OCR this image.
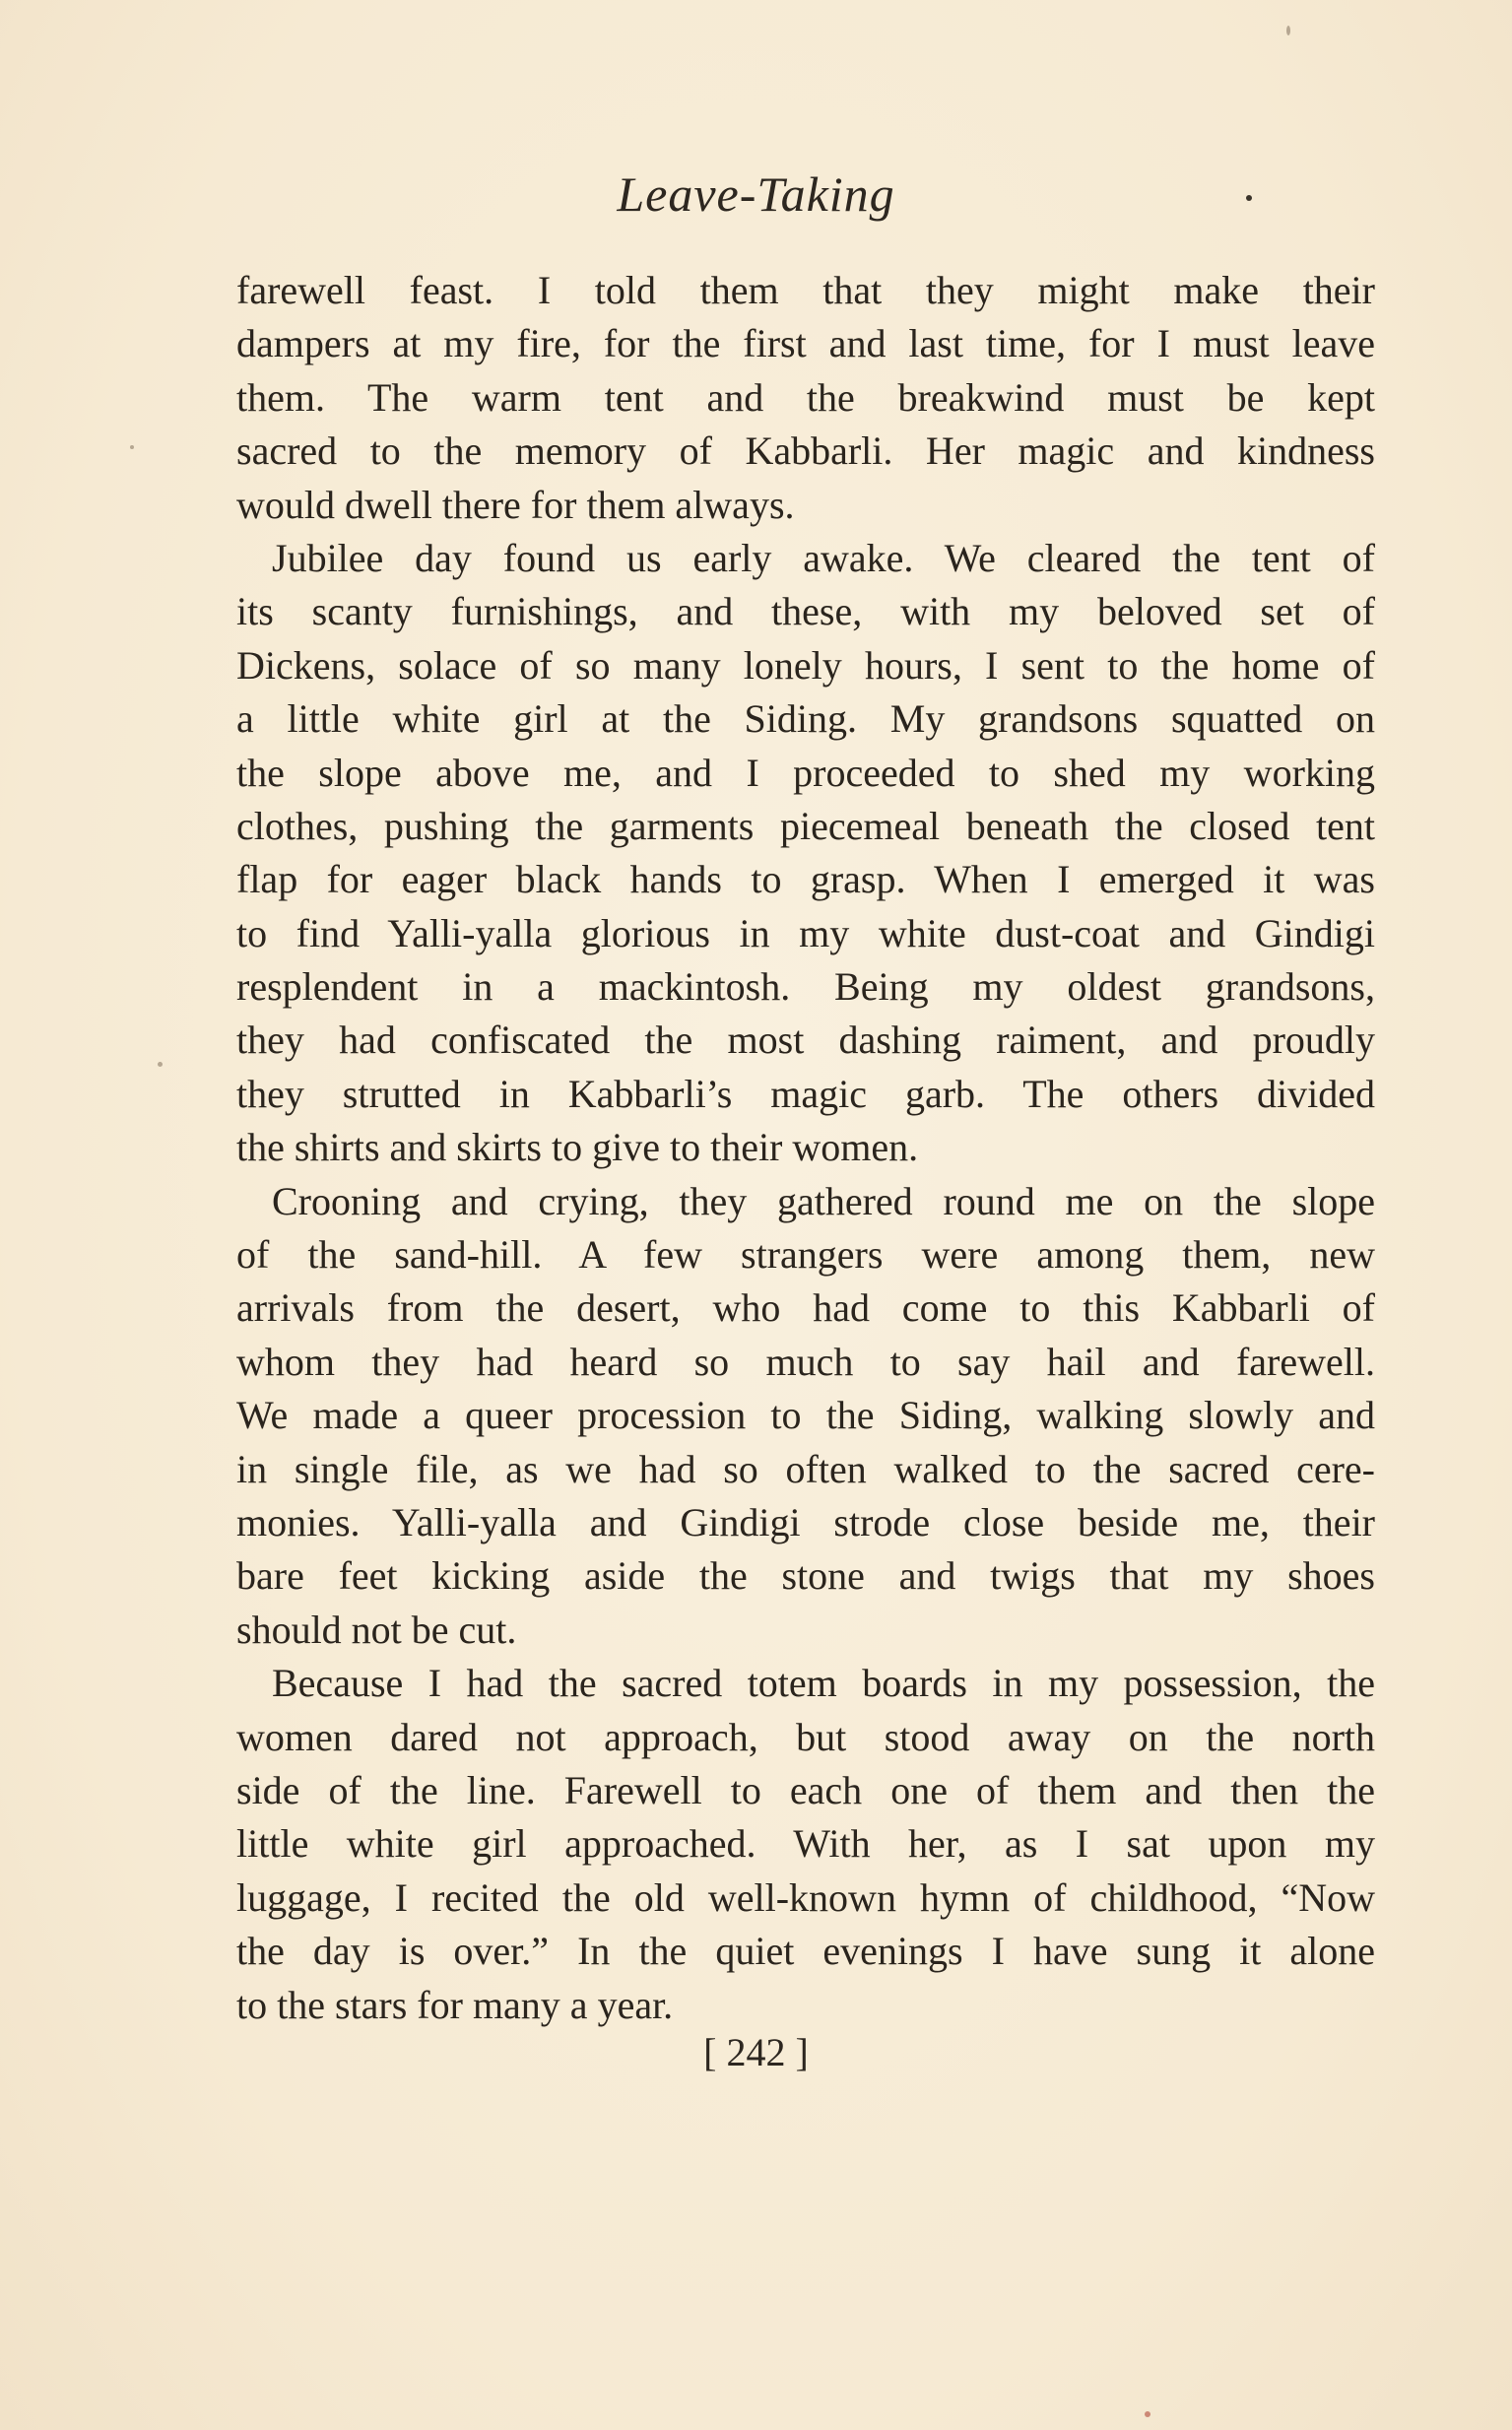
Leave-Taking
farewell feast. I told them that they might make their
dampers at my fire, for the first and last time, for I must leave
them. The warm tent and the breakwind must be kept
sacred to the memory of Kabbarli. Her magic and kindness
would dwell there for them always.
Jubilee day found us early awake. We cleared the tent of
its scanty furnishings, and these, with my beloved set of
Dickens, solace of so many lonely hours, I sent to the home of
a little white girl at the Siding. My grandsons squatted on
the slope above me, and I proceeded to shed my working
clothes, pushing the garments piecemeal beneath the closed tent
flap for eager black hands to grasp. When I emerged it was
to find Yalli-yalla glorious in my white dust-coat and Gindigi
resplendent in a mackintosh. Being my oldest grandsons,
they had confiscated the most dashing raiment, and proudly
they strutted in Kabbarli’s magic garb. The others divided
the shirts and skirts to give to their women.
Crooning and crying, they gathered round me on the slope
of the sand-hill. A few strangers were among them, new
arrivals from the desert, who had come to this Kabbarli of
whom they had heard so much to say hail and farewell.
We made a queer procession to the Siding, walking slowly and
in single file, as we had so often walked to the sacred cere-
monies. Yalli-yalla and Gindigi strode close beside me, their
bare feet kicking aside the stone and twigs that my shoes
should not be cut.
Because I had the sacred totem boards in my possession, the
women dared not approach, but stood away on the north
side of the line. Farewell to each one of them and then the
little white girl approached. With her, as I sat upon my
luggage, I recited the old well-known hymn of childhood, “Now
the day is over.” In the quiet evenings I have sung it alone
to the stars for many a year.
[ 242 ]
